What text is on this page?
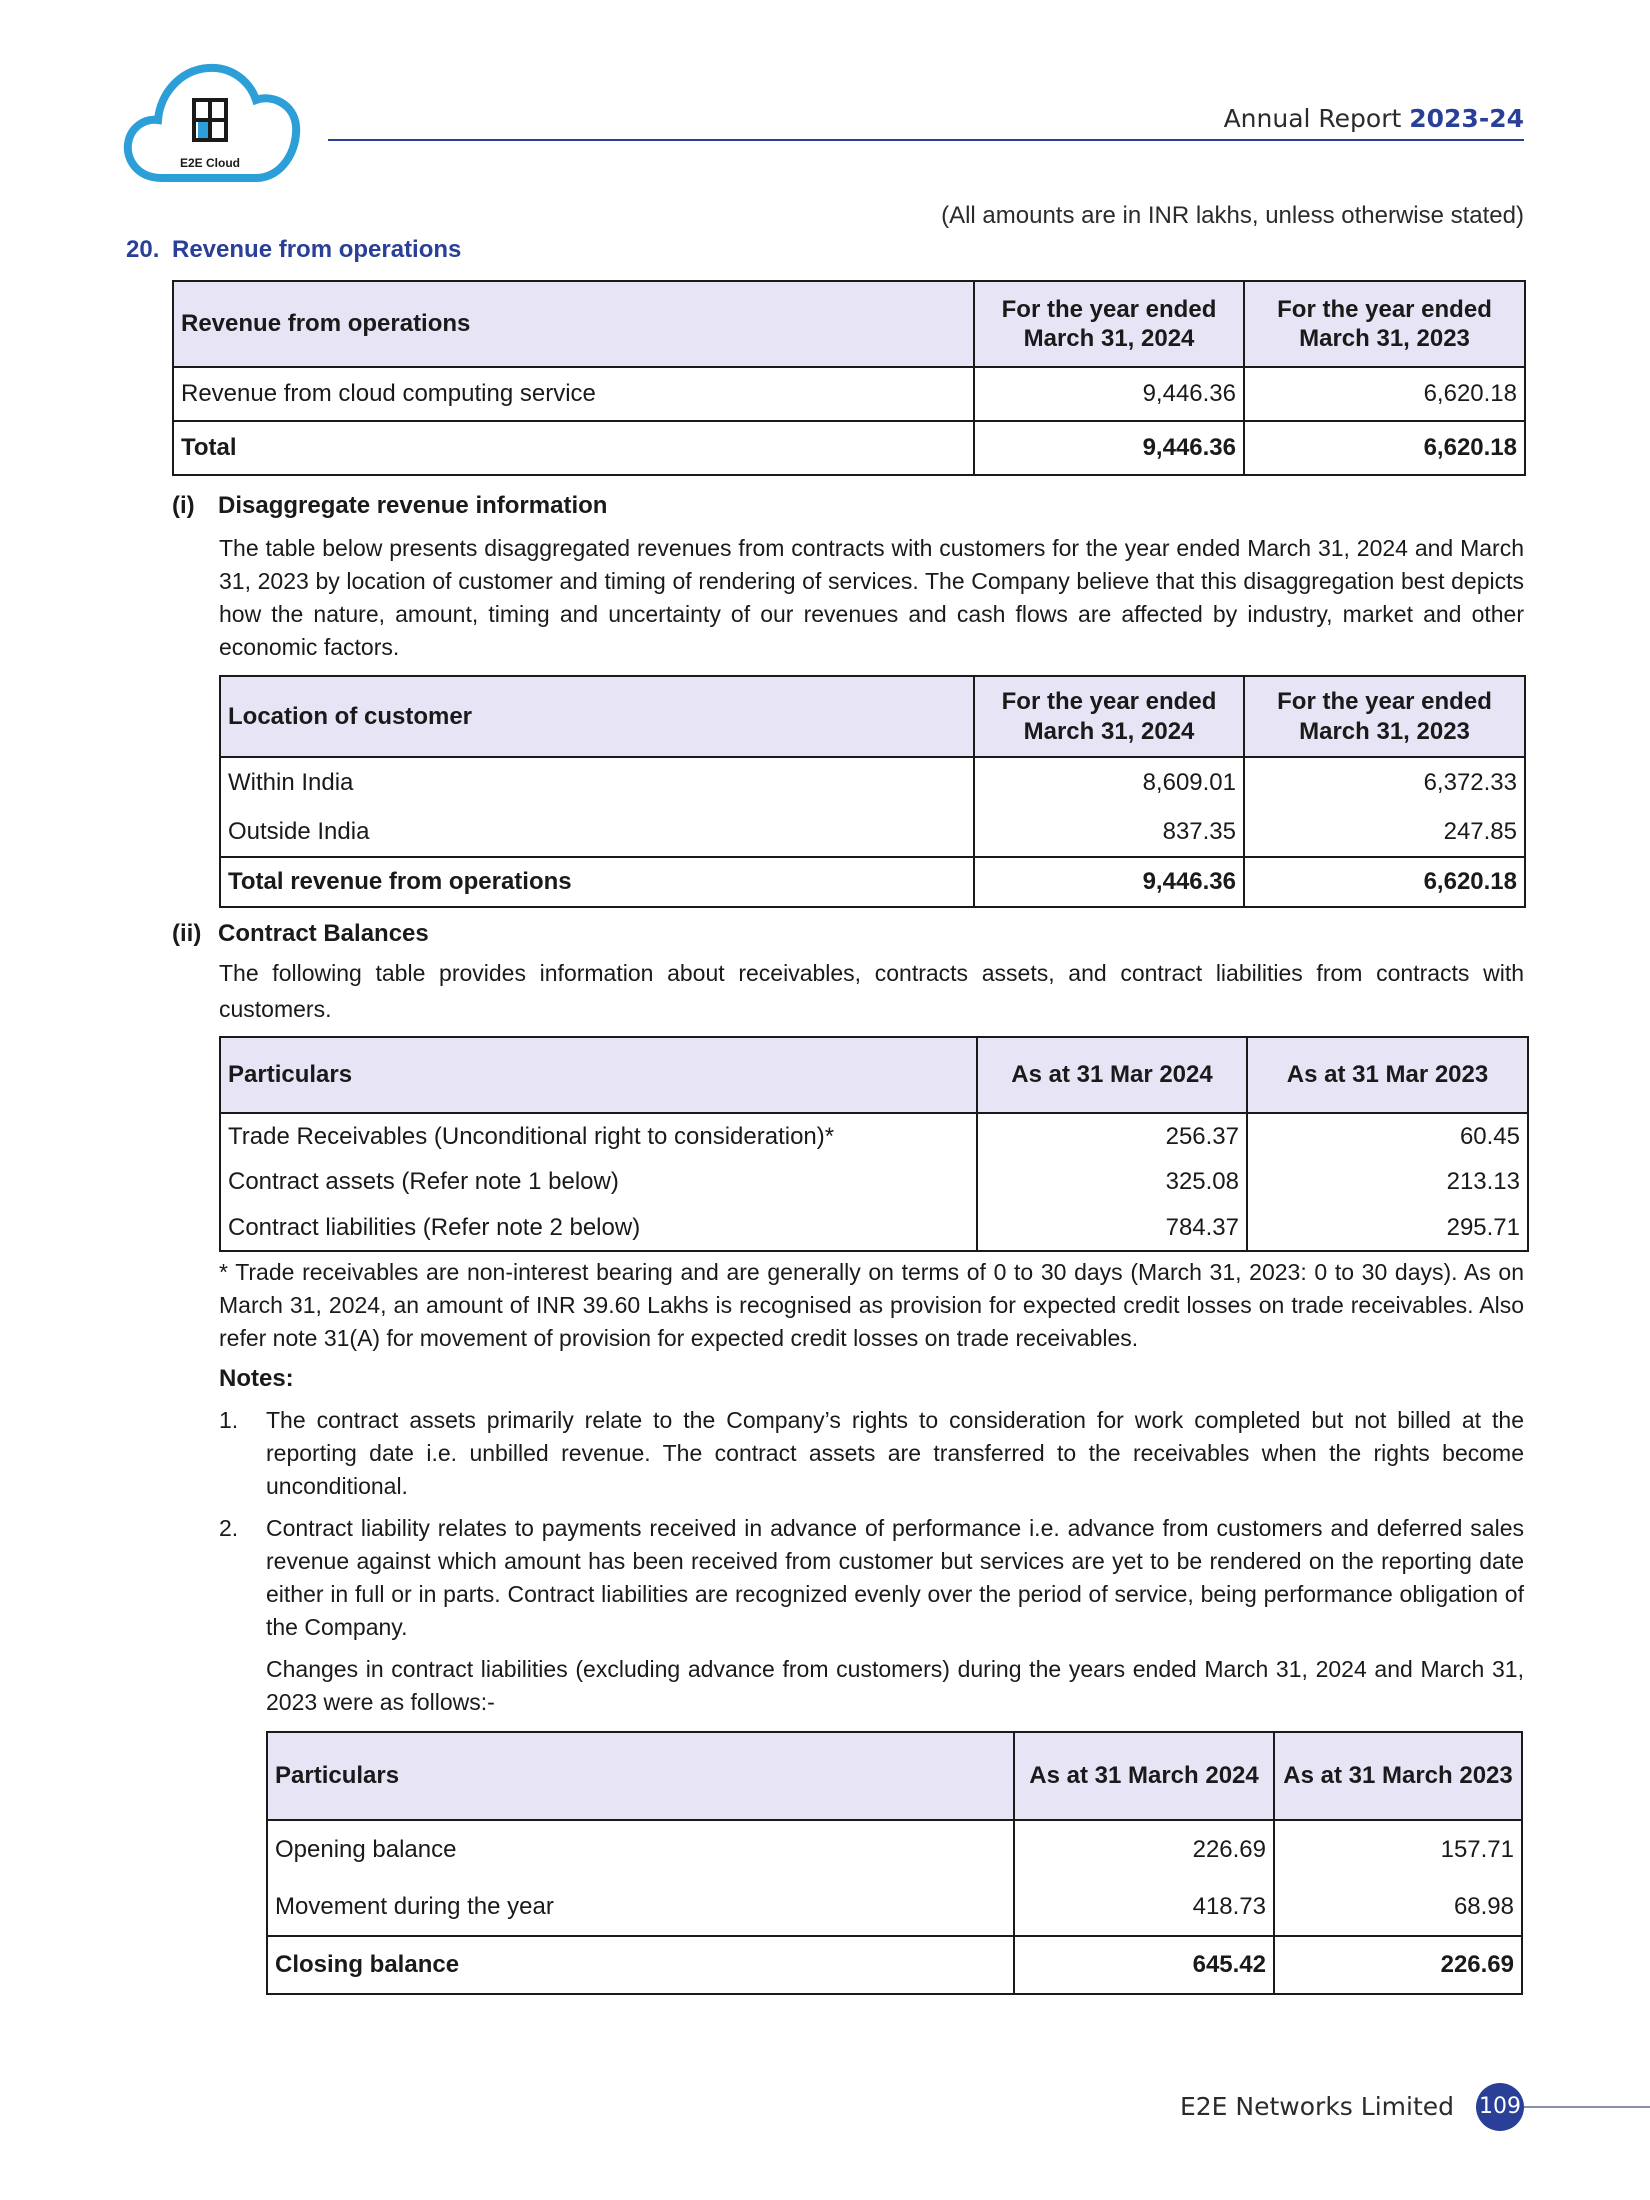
E2E Cloud
Annual Report 2023-24
(All amounts are in INR lakhs, unless otherwise stated)
20. Revenue from operations
Revenue from operations	For the year ended March 31, 2024	For the year ended March 31, 2023
Revenue from cloud computing service	9,446.36	6,620.18
Total	9,446.36	6,620.18
(i) Disaggregate revenue information
The table below presents disaggregated revenues from contracts with customers for the year ended March 31, 2024 and March 31, 2023 by location of customer and timing of rendering of services. The Company believe that this disaggregation best depicts how the nature, amount, timing and uncertainty of our revenues and cash flows are affected by industry, market and other economic factors.
Location of customer	For the year ended March 31, 2024	For the year ended March 31, 2023
Within India	8,609.01	6,372.33
Outside India	837.35	247.85
Total revenue from operations	9,446.36	6,620.18
(ii) Contract Balances
The following table provides information about receivables, contracts assets, and contract liabilities from contracts with customers.
Particulars	As at 31 Mar 2024	As at 31 Mar 2023
Trade Receivables (Unconditional right to consideration)*	256.37	60.45
Contract assets (Refer note 1 below)	325.08	213.13
Contract liabilities (Refer note 2 below)	784.37	295.71
* Trade receivables are non-interest bearing and are generally on terms of 0 to 30 days (March 31, 2023: 0 to 30 days). As on March 31, 2024, an amount of INR 39.60 Lakhs is recognised as provision for expected credit losses on trade receivables. Also refer note 31(A) for movement of provision for expected credit losses on trade receivables.
Notes:
1. The contract assets primarily relate to the Company’s rights to consideration for work completed but not billed at the reporting date i.e. unbilled revenue. The contract assets are transferred to the receivables when the rights become unconditional.
2. Contract liability relates to payments received in advance of performance i.e. advance from customers and deferred sales revenue against which amount has been received from customer but services are yet to be rendered on the reporting date either in full or in parts. Contract liabilities are recognized evenly over the period of service, being performance obligation of the Company.
Changes in contract liabilities (excluding advance from customers) during the years ended March 31, 2024 and March 31, 2023 were as follows:-
Particulars	As at 31 March 2024	As at 31 March 2023
Opening balance	226.69	157.71
Movement during the year	418.73	68.98
Closing balance	645.42	226.69
E2E Networks Limited 109
